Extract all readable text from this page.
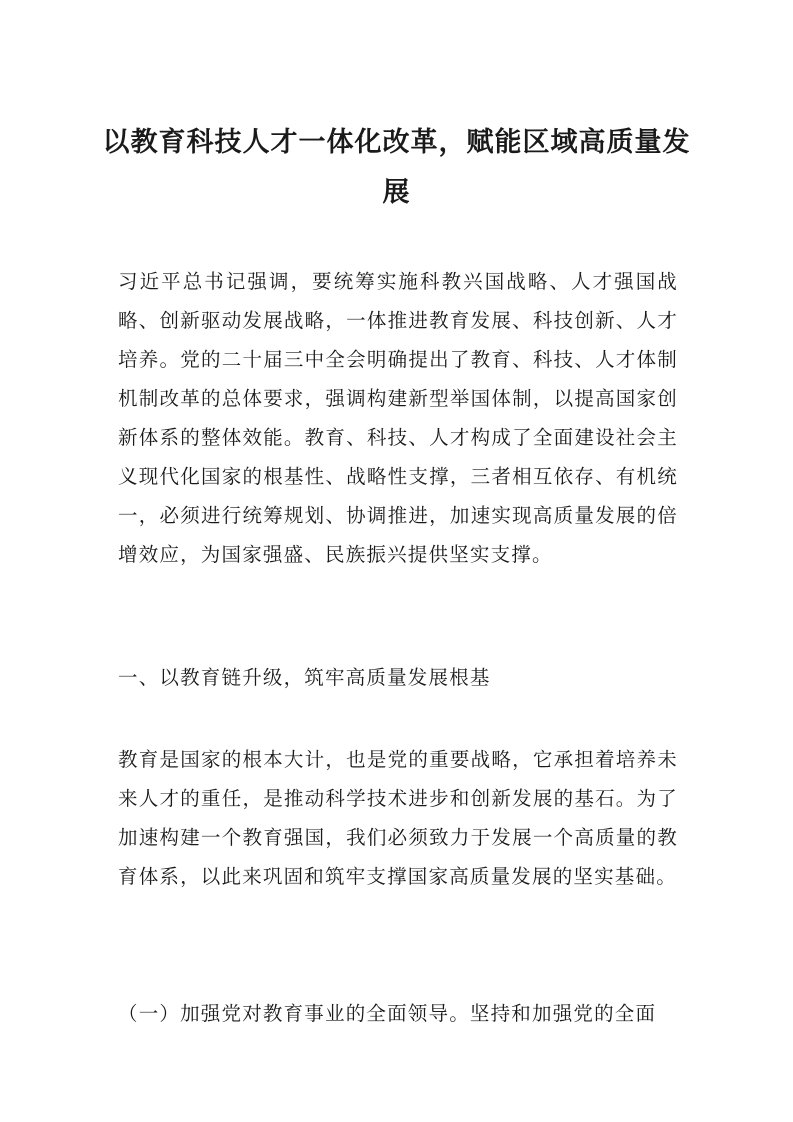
以教育科技人才一体化改革，赋能区域高质量发展

习近平总书记强调，要统筹实施科教兴国战略、人才强国战略、创新驱动发展战略，一体推进教育发展、科技创新、人才培养。党的二十届三中全会明确提出了教育、科技、人才体制机制改革的总体要求，强调构建新型举国体制，以提高国家创新体系的整体效能。教育、科技、人才构成了全面建设社会主义现代化国家的根基性、战略性支撑，三者相互依存、有机统一，必须进行统筹规划、协调推进，加速实现高质量发展的倍增效应，为国家强盛、民族振兴提供坚实支撑。

一、以教育链升级，筑牢高质量发展根基

教育是国家的根本大计，也是党的重要战略，它承担着培养未来人才的重任，是推动科学技术进步和创新发展的基石。为了加速构建一个教育强国，我们必须致力于发展一个高质量的教育体系，以此来巩固和筑牢支撑国家高质量发展的坚实基础。

（一）加强党对教育事业的全面领导。坚持和加强党的全面
